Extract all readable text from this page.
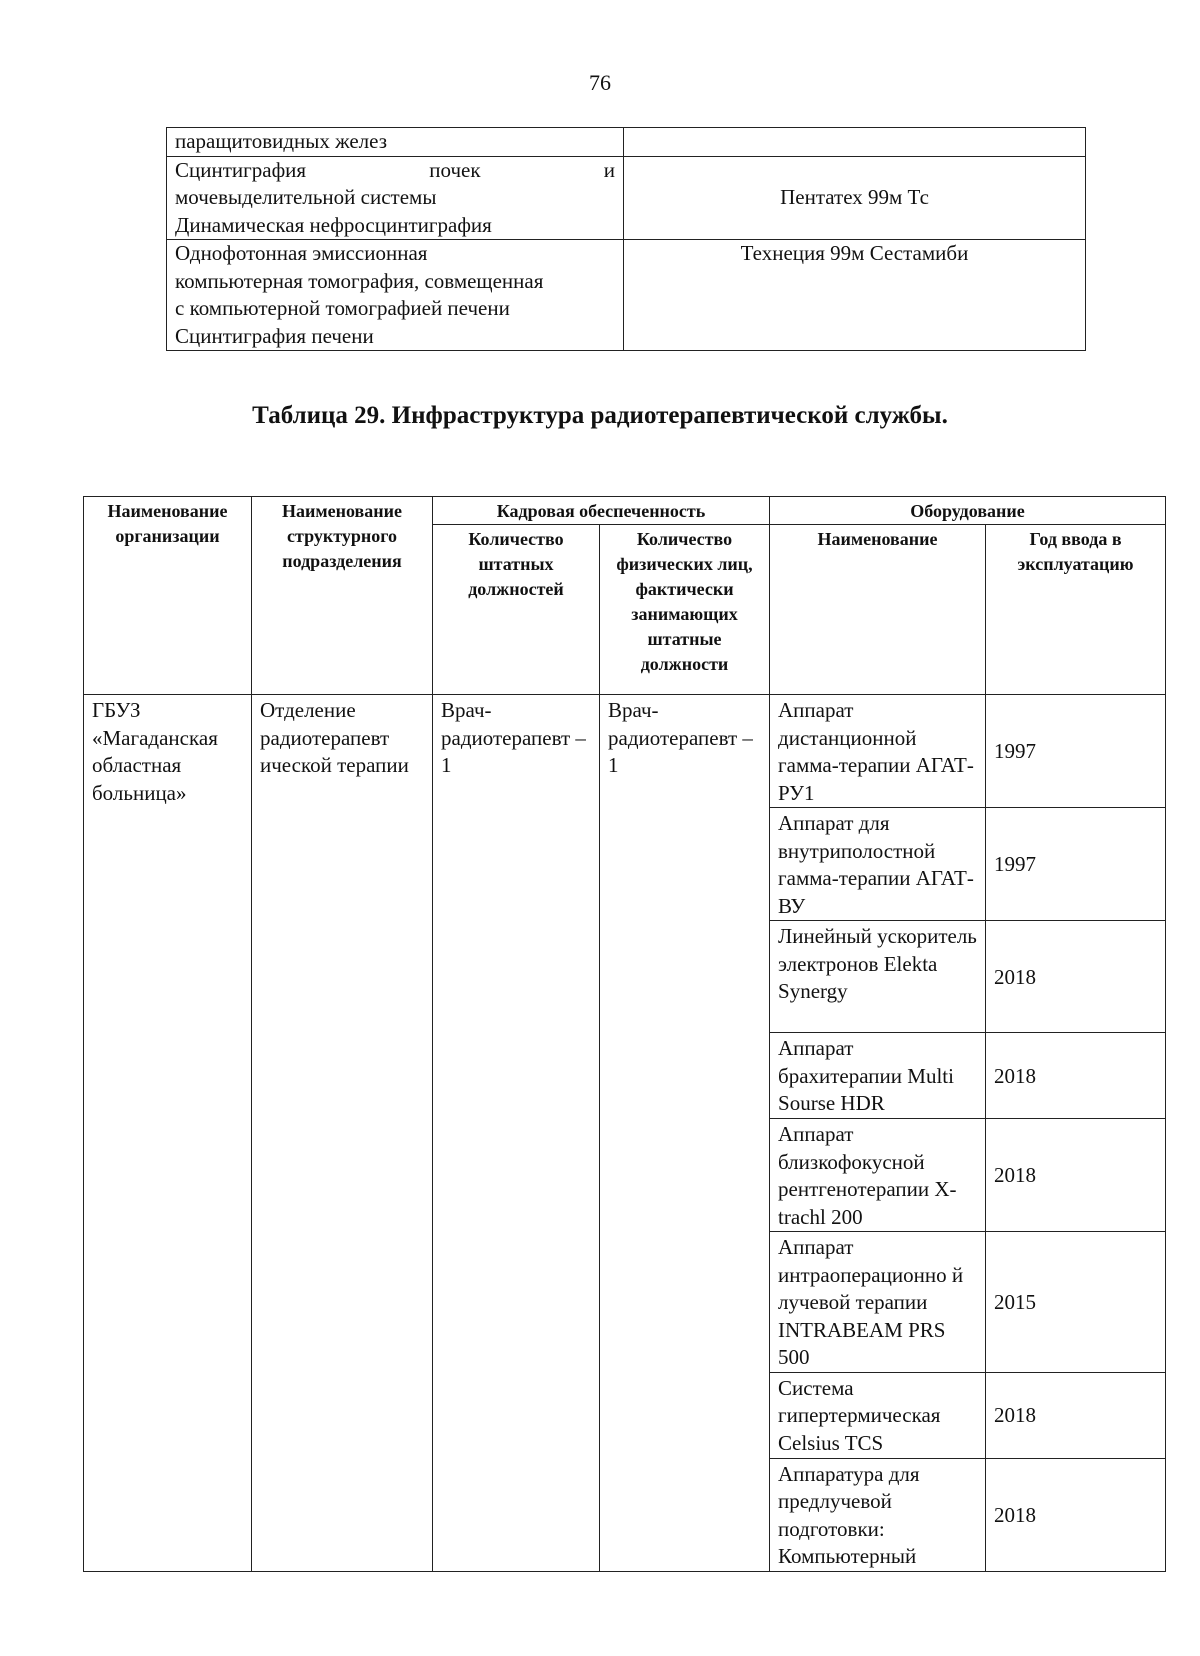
76
паращитовидных желез	

Сцинтиграфия почек и
мочевыделительной системы
Динамическая нефросцинтиграфия	Пентатех 99м Тс

Однофотонная эмиссионная
компьютерная томография, совмещенная
с компьютерной томографией печени
Сцинтиграфия печени	Технеция 99м Сестамиби
Таблица 29. Инфраструктура радиотерапевтической службы.
Наименование организации	Наименование структурного подразделения	Кадровая обеспеченность		Оборудование	
		Количество штатных должностей	Количество физических лиц, фактически занимающих штатные должности	Наименование	Год ввода в эксплуатацию
ГБУЗ «Магаданская областная больница»	Отделение радиотерапевт ической терапии	Врач-радиотерапевт – 1	Врач-радиотерапевт – 1	Аппарат дистанционной гамма-терапии АГАТ-РУ1	1997
				Аппарат для внутриполостной гамма-терапии АГАТ-ВУ	1997
				Линейный ускоритель электронов Elekta Synergy	2018
				Аппарат брахитерапии Multi Sourse HDR	2018
				Аппарат близкофокусной рентгенотерапии X-trachl 200	2018
				Аппарат интраоперационно й лучевой терапии INTRABEAM PRS 500	2015
				Система гипертермическая Celsius TCS	2018
				Аппаратура для предлучевой подготовки: Компьютерный	2018
